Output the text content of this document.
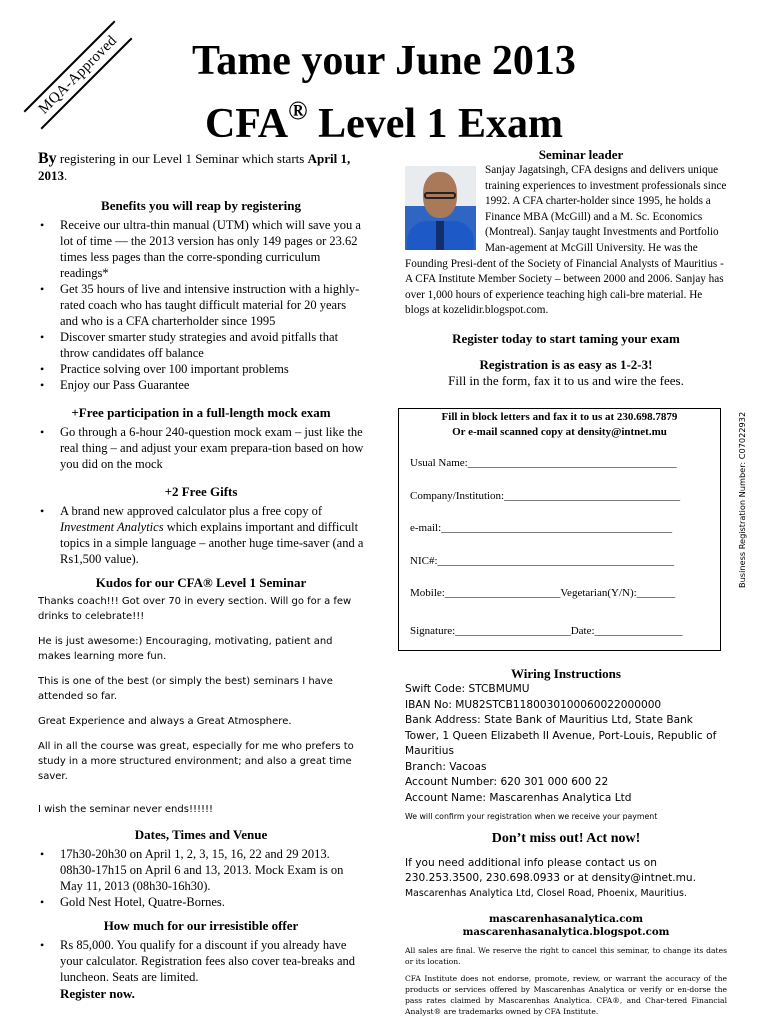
MQA-Approved	Tame your June 2013
CFA® Level 1 Exam

By registering in our Level 1 Seminar which starts April 1, 2013.

Benefits you will reap by registering
• Receive our ultra-thin manual (UTM) which will save you a lot of time — the 2013 version has only 149 pages or 23.62 times less pages than the corre-sponding curriculum readings*
• Get 35 hours of live and intensive instruction with a highly-rated coach who has taught difficult material for 20 years and who is a CFA charterholder since 1995
• Discover smarter study strategies and avoid pitfalls that throw candidates off balance
• Practice solving over 100 important problems
• Enjoy our Pass Guarantee
+Free participation in a full-length mock exam
• Go through a 6-hour 240-question mock exam – just like the real thing – and adjust your exam prepara-tion based on how you did on the mock
+2 Free Gifts
• A brand new approved calculator plus a free copy of Investment Analytics which explains important and difficult topics in a simple language – another huge time-saver (and a Rs1,500 value).
Kudos for our CFA® Level 1 Seminar

Thanks coach!!! Got over 70 in every section. Will go for a few drinks to celebrate!!!

He is just awesome:) Encouraging, motivating, patient and makes learning more fun.

This is one of the best (or simply the best) seminars I have attended so far.

Great Experience and always a Great Atmosphere.

All in all the course was great, especially for me who prefers to study in a more structured environment; and also a great time saver.

I wish the seminar never ends!!!!!!

Dates, Times and Venue
• 17h30-20h30 on April 1, 2, 3, 15, 16, 22 and 29 2013. 08h30-17h15 on April 6 and 13, 2013. Mock Exam is on May 11, 2013 (08h30-16h30).
• Gold Nest Hotel, Quatre-Bornes.
How much for our irresistible offer
• Rs 85,000. You qualify for a discount if you already have your calculator. Registration fees also cover tea-breaks and luncheon. Seats are limited.
Register now.
Seminar leader
Sanjay Jagatsingh, CFA designs and delivers unique training experiences to investment professionals since 1992. A CFA charter-holder since 1995, he holds a Finance MBA (McGill) and a M. Sc. Economics (Montreal). Sanjay taught Investments and Portfolio Man-agement at McGill University. He was the Founding Presi-dent of the Society of Financial Analysts of Mauritius - A CFA Institute Member Society – between 2000 and 2006. Sanjay has over 1,000 hours of experience teaching high cali-bre material. He blogs at kozelidir.blogspot.com.
Register today to start taming your exam
Registration is as easy as 1-2-3!
Fill in the form, fax it to us and wire the fees.
Fill in block letters and fax it to us at 230.698.7879
Or e-mail scanned copy at density@intnet.mu
Usual Name:______________________________________
Company/Institution:________________________________
e-mail:__________________________________________
NIC#:___________________________________________
Mobile:_____________________Vegetarian(Y/N):_______
Signature:_____________________Date:________________
Business Registration Number: C07022932
Wiring Instructions
Swift Code: STCBMUMU
IBAN No: MU82STCB1180030100060022000000
Bank Address: State Bank of Mauritius Ltd, State Bank Tower, 1 Queen Elizabeth II Avenue, Port-Louis, Republic of Mauritius
Branch: Vacoas
Account Number: 620 301 000 600 22
Account Name: Mascarenhas Analytica Ltd
We will confirm your registration when we receive your payment
Don’t miss out! Act now!
If you need additional info please contact us on 230.253.3500, 230.698.0933 or at density@intnet.mu.
Mascarenhas Analytica Ltd, Closel Road, Phoenix, Mauritius.
mascarenhasanalytica.com
mascarenhasanalytica.blogspot.com
All sales are final. We reserve the right to cancel this seminar, to change its dates or its location.
CFA Institute does not endorse, promote, review, or warrant the accuracy of the products or services offered by Mascarenhas Analytica or verify or en-dorse the pass rates claimed by Mascarenhas Analytica. CFA®, and Char-tered Financial Analyst® are trademarks owned by CFA Institute.
